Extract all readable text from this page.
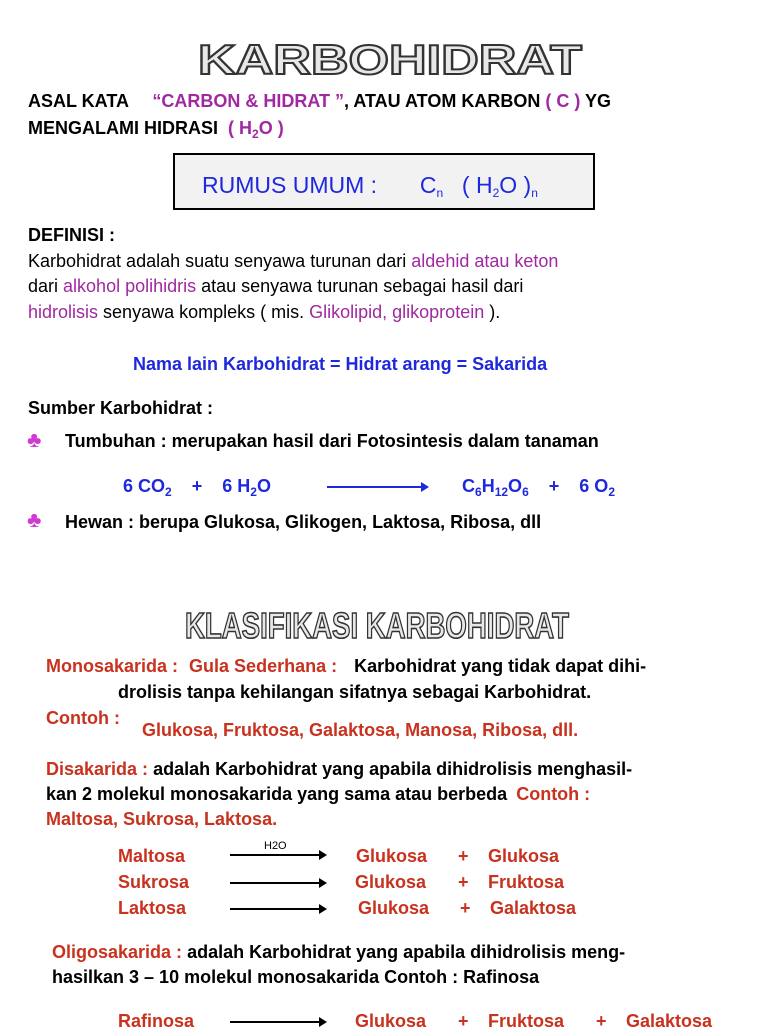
KARBOHIDRAT
ASAL KATA “CARBON & HIDRAT ”, ATAU ATOM KARBON ( C ) YG
MENGALAMI HIDRASI ( $H_2O$ )
RUMUS UMUM : $C_n$ ( $H_2O$ )$_n$
DEFINISI :
Karbohidrat adalah suatu senyawa turunan dari aldehid atau keton
dari alkohol polihidris atau senyawa turunan sebagai hasil dari
hidrolisis senyawa kompleks ( mis. Glikolipid, glikoprotein ).
Nama lain Karbohidrat = Hidrat arang = Sakarida
Sumber Karbohidrat :
♣ Tumbuhan : merupakan hasil dari Fotosintesis dalam tanaman
6 $CO_2 + 6$ $H_2O$	$C_6H_{12}O_6 + 6$ $O_2$
♣ Hewan : berupa Glukosa, Glikogen, Laktosa, Ribosa, dll
KLASIFIKASI KARBOHIDRAT
Monosakarida : Gula Sederhana : Karbohidrat yang tidak dapat dihi-
drolisis tanpa kehilangan sifatnya sebagai Karbohidrat.
Contoh :
Glukosa, Fruktosa, Galaktosa, Manosa, Ribosa, dll.
Disakarida : adalah Karbohidrat yang apabila dihidrolisis menghasil-
kan 2 molekul monosakarida yang sama atau berbeda Contoh :
Maltosa, Sukrosa, Laktosa.
H2O
Maltosa	Glukosa + Glukosa
Sukrosa	Glukosa + Fruktosa
Laktosa	Glukosa + Galaktosa
Oligosakarida : adalah Karbohidrat yang apabila dihidrolisis meng-
hasilkan 3 – 10 molekul monosakarida Contoh : Rafinosa
Rafinosa	Glukosa + Fruktosa + Galaktosa
